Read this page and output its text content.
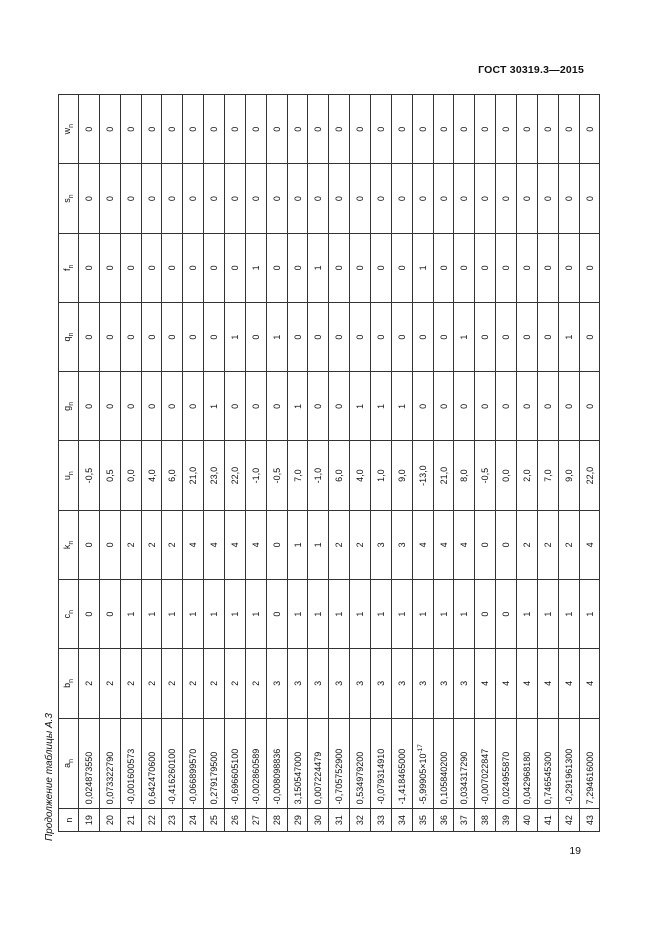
ГОСТ 30319.3—2015
Продолжение таблицы А.3 n	$a_n$	$b_n$	$c_n$	$k_n$	$u_n$	$g_n$	$q_n$	$f_n$	$s_n$	$w_n$
19	0,024873550	2	0	0	-0,5	0	0	0	0	0
20	0,073322790	2	0	0	0,5	0	0	0	0	0
21	-0,001600573	2	1	2	0,0	0	0	0	0	0
22	0,642470600	2	1	2	4,0	0	0	0	0	0
23	-0,416260100	2	1	2	6,0	0	0	0	0	0
24	-0,066899570	2	1	4	21,0	0	0	0	0	0
25	0,279179500	2	1	4	23,0	1	0	0	0	0
26	-0,696605100	2	1	4	22,0	0	1	0	0	0
27	-0,002860589	2	1	4	-1,0	0	0	1	0	0
28	-0,008098836	3	0	0	-0,5	0	1	0	0	0
29	3,150547000	3	1	1	7,0	1	0	0	0	0
30	0,007224479	3	1	1	-1,0	0	0	1	0	0
31	-0,705752900	3	1	2	6,0	0	0	0	0	0
32	0,534979200	3	1	2	4,0	1	0	0	0	0
33	-0,079314910	3	1	3	1,0	1	0	0	0	0
34	-1,418465000	3	1	3	9,0	1	0	0	0	0
35	$-5,99905\times 10^{-17}$	3	1	4	-13,0	0	0	1	0	0
36	0,105840200	3	1	4	21,0	0	0	0	0	0
37	0,034317290	3	1	4	8,0	0	1	0	0	0
38	-0,007022847	4	0	0	-0,5	0	0	0	0	0
39	0,024955870	4	0	0	0,0	0	0	0	0	0
40	0,042968180	4	1	2	2,0	0	0	0	0	0
41	0,746545300	4	1	2	7,0	0	0	0	0	0
42	-0,291961300	4	1	2	9,0	0	1	0	0	0
43	7,294616000	4	1	4	22,0	0	0	0	0	0
19
